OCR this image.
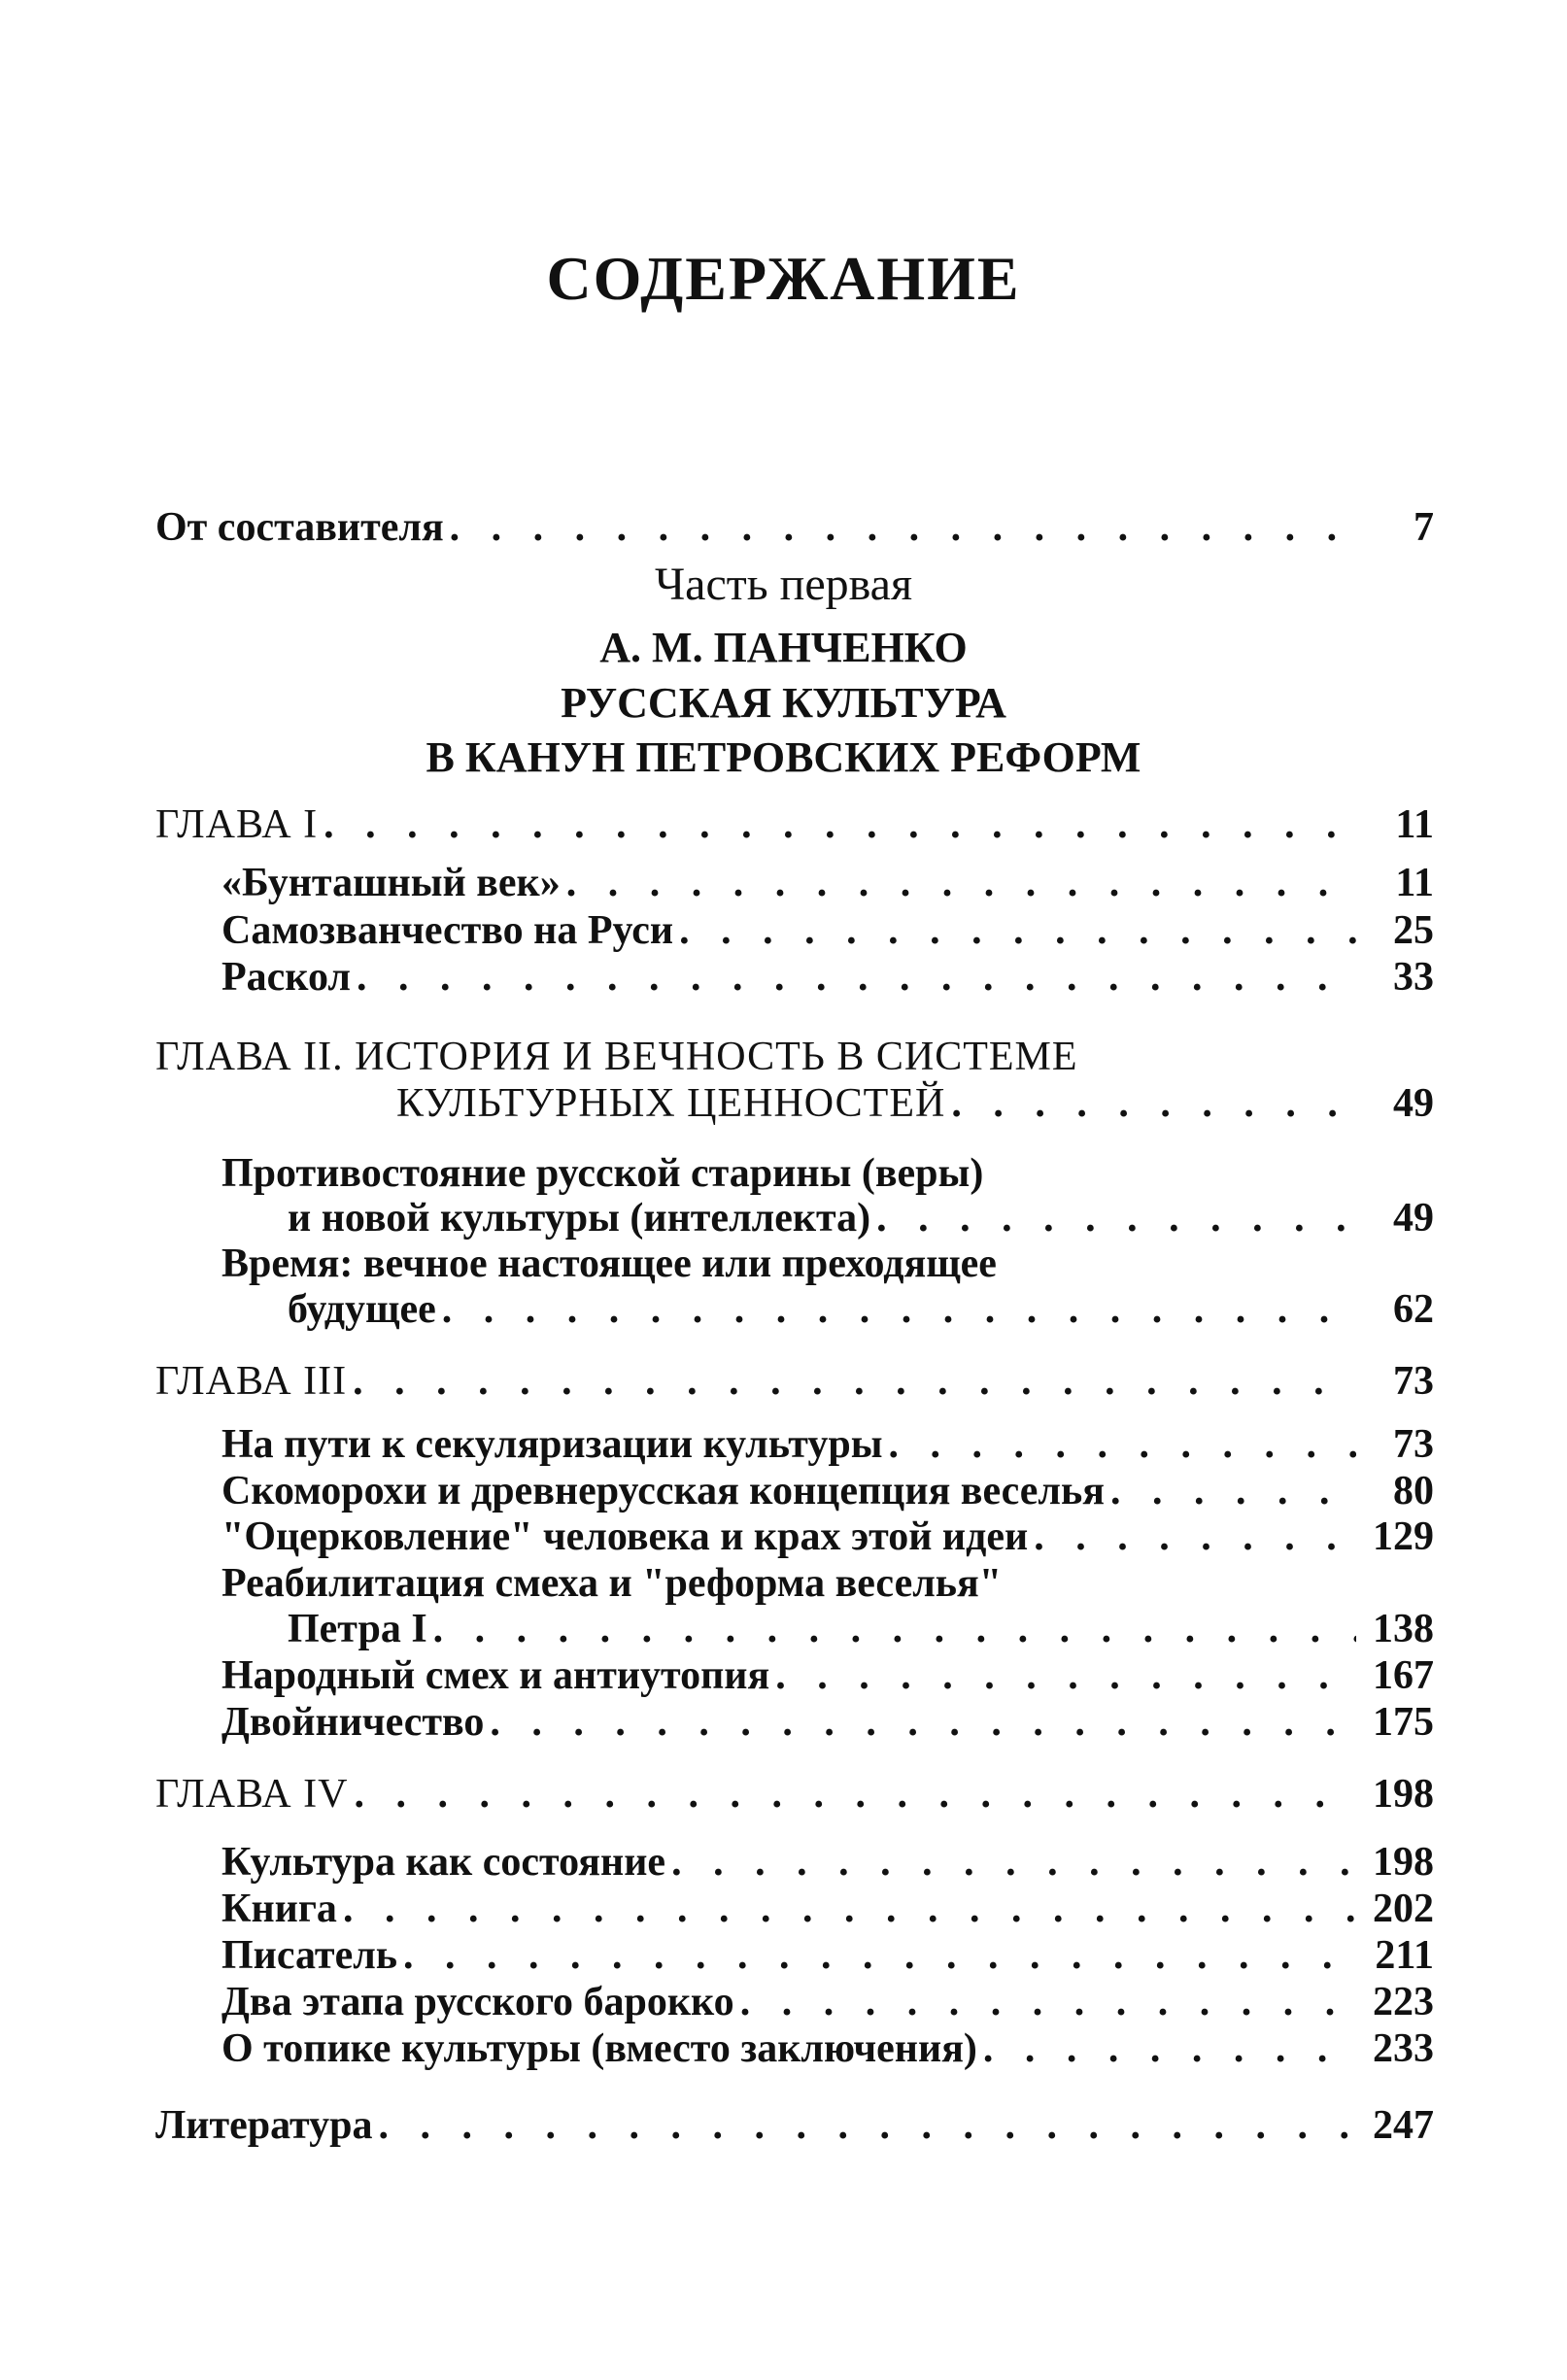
СОДЕРЖАНИЕ
От составителя . . .	7
Часть первая
А. М. ПАНЧЕНКО
РУССКАЯ КУЛЬТУРА
В КАНУН ПЕТРОВСКИХ РЕФОРМ
ГЛАВА I . . .	11
«Бунташный век» . . .	11
Самозванчество на Руси . . .	25
Раскол . . .	33
ГЛАВА II. ИСТОРИЯ И ВЕЧНОСТЬ В СИСТЕМЕ
КУЛЬТУРНЫХ ЦЕННОСТЕЙ . . .	49
Противостояние русской старины (веры)
и новой культуры (интеллекта) . . .	49
Время: вечное настоящее или преходящее
будущее . . .	62
ГЛАВА III . . .	73
На пути к секуляризации культуры . . .	73
Скоморохи и древнерусская концепция веселья . . .	80
"Оцерковление" человека и крах этой идеи . . .	129
Реабилитация смеха и "реформа веселья"
Петра I . . .	138
Народный смех и антиутопия . . .	167
Двойничество . . .	175
ГЛАВА IV . . .	198
Культура как состояние . . .	198
Книга . . .	202
Писатель . . .	211
Два этапа русского барокко . . .	223
О топике культуры (вместо заключения) . . .	233
Литература . . .	247
